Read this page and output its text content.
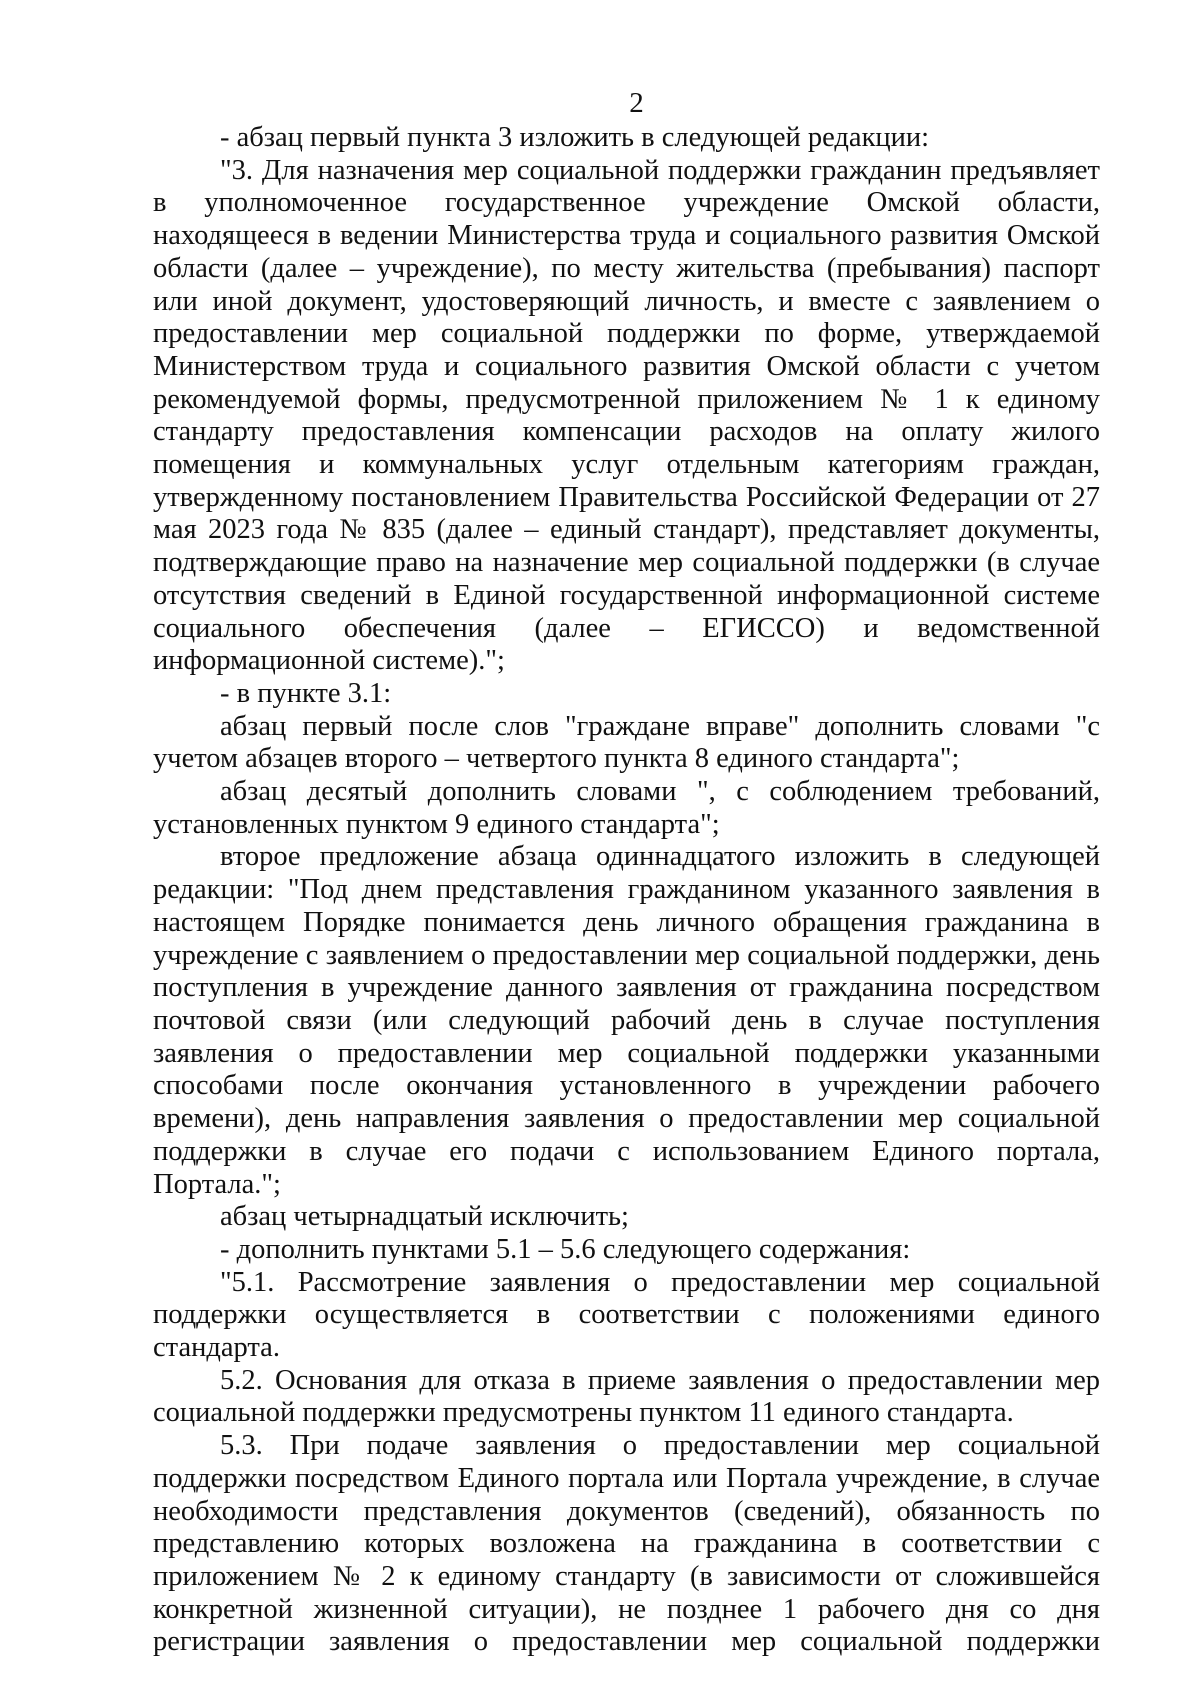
2

- абзац первый пункта 3 изложить в следующей редакции:

"3. Для назначения мер социальной поддержки гражданин предъявляет в уполномоченное государственное учреждение Омской области, находящееся в ведении Министерства труда и социального развития Омской области (далее – учреждение), по месту жительства (пребывания) паспорт или иной документ, удостоверяющий личность, и вместе с заявлением о предоставлении мер социальной поддержки по форме, утверждаемой Министерством труда и социального развития Омской области с учетом рекомендуемой формы, предусмотренной приложением № 1 к единому стандарту предоставления компенсации расходов на оплату жилого помещения и коммунальных услуг отдельным категориям граждан, утвержденному постановлением Правительства Российской Федерации от 27 мая 2023 года № 835 (далее – единый стандарт), представляет документы, подтверждающие право на назначение мер социальной поддержки (в случае отсутствия сведений в Единой государственной информационной системе социального обеспечения (далее – ЕГИССО) и ведомственной информационной системе).";

- в пункте 3.1:

абзац первый после слов "граждане вправе" дополнить словами "с учетом абзацев второго – четвертого пункта 8 единого стандарта";

абзац десятый дополнить словами ", с соблюдением требований, установленных пунктом 9 единого стандарта";

второе предложение абзаца одиннадцатого изложить в следующей редакции: "Под днем представления гражданином указанного заявления в настоящем Порядке понимается день личного обращения гражданина в учреждение с заявлением о предоставлении мер социальной поддержки, день поступления в учреждение данного заявления от гражданина посредством почтовой связи (или следующий рабочий день в случае поступления заявления о предоставлении мер социальной поддержки указанными способами после окончания установленного в учреждении рабочего времени), день направления заявления о предоставлении мер социальной поддержки в случае его подачи с использованием Единого портала, Портала.";

абзац четырнадцатый исключить;

- дополнить пунктами 5.1 – 5.6 следующего содержания:

"5.1. Рассмотрение заявления о предоставлении мер социальной поддержки осуществляется в соответствии с положениями единого стандарта.

5.2. Основания для отказа в приеме заявления о предоставлении мер социальной поддержки предусмотрены пунктом 11 единого стандарта.

5.3. При подаче заявления о предоставлении мер социальной поддержки посредством Единого портала или Портала учреждение, в случае необходимости представления документов (сведений), обязанность по представлению которых возложена на гражданина в соответствии с приложением № 2 к единому стандарту (в зависимости от сложившейся конкретной жизненной ситуации), не позднее 1 рабочего дня со дня регистрации заявления о предоставлении мер социальной поддержки
